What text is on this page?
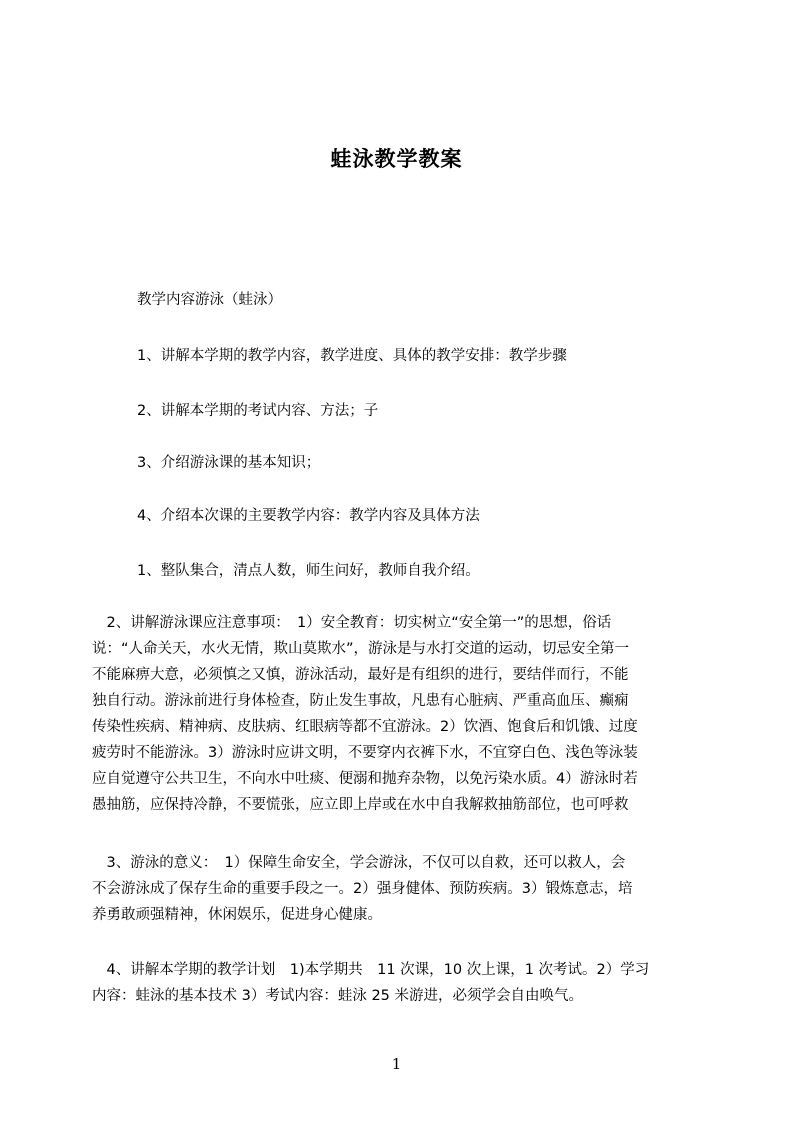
蛙泳教学教案
教学内容游泳（蛙泳）
1、讲解本学期的教学内容，教学进度、具体的教学安排：教学步骤
2、讲解本学期的考试内容、方法；子
3、介绍游泳课的基本知识；
4、介绍本次课的主要教学内容：教学内容及具体方法
1、整队集合，清点人数，师生问好，教师自我介绍。
　2、讲解游泳课应注意事项：　1）安全教育：切实树立“安全第一”的思想，俗话
说：“人命关天，水火无情，欺山莫欺水”，游泳是与水打交道的运动，切忌安全第一
不能麻痹大意，必须慎之又慎，游泳活动，最好是有组织的进行，要结伴而行，不能
独自行动。游泳前进行身体检查，防止发生事故，凡患有心脏病、严重高血压、癫痫
传染性疾病、精神病、皮肤病、红眼病等都不宜游泳。2）饮酒、饱食后和饥饿、过度
疲劳时不能游泳。3）游泳时应讲文明，不要穿内衣裤下水，不宜穿白色、浅色等泳装
应自觉遵守公共卫生，不向水中吐痰、便溺和抛弃杂物，以免污染水质。4）游泳时若
愚抽筋，应保持冷静，不要慌张，应立即上岸或在水中自我解救抽筋部位，也可呼救
　3、游泳的意义：　1）保障生命安全，学会游泳，不仅可以自救，还可以救人，会
不会游泳成了保存生命的重要手段之一。2）强身健体、预防疾病。3）锻炼意志，培
养勇敢顽强精神，休闲娱乐，促进身心健康。
　4、讲解本学期的教学计划　1)本学期共　11 次课，10 次上课，1 次考试。2）学习
内容：蛙泳的基本技术 3）考试内容：蛙泳 25 米游进，必须学会自由唤气。
1
